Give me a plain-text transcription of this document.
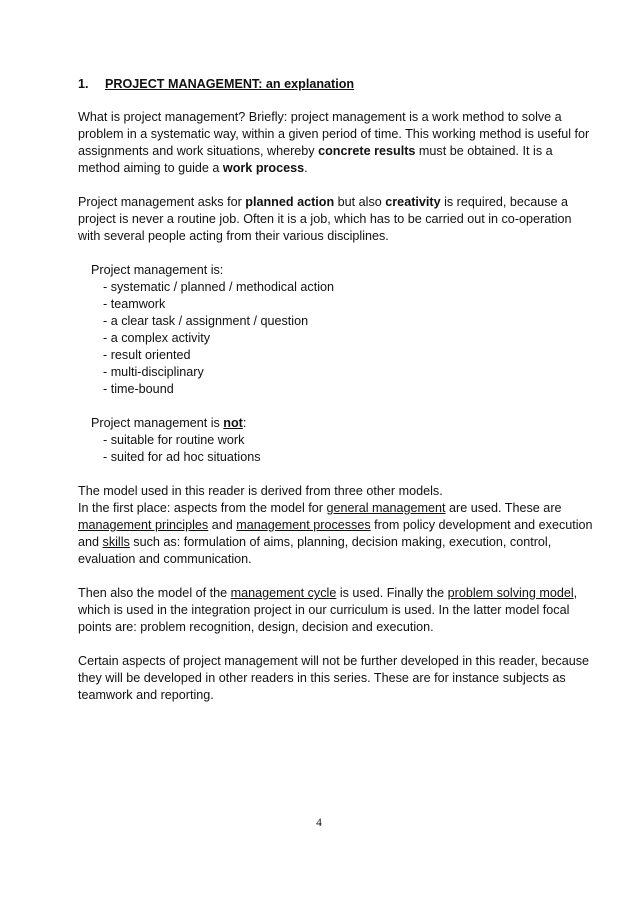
1. PROJECT MANAGEMENT: an explanation
What is project management? Briefly: project management is a work method to solve a
problem in a systematic way, within a given period of time. This working method is useful for
assignments and work situations, whereby concrete results must be obtained. It is a
method aiming to guide a work process.
Project management asks for planned action but also creativity is required, because a
project is never a routine job. Often it is a job, which has to be carried out in co-operation
with several people acting from their various disciplines.
Project management is:
- systematic / planned / methodical action
- teamwork
- a clear task / assignment / question
- a complex activity
- result oriented
- multi-disciplinary
- time-bound
Project management is not:
- suitable for routine work
- suited for ad hoc situations
The model used in this reader is derived from three other models.
In the first place: aspects from the model for general management are used. These are
management principles and management processes from policy development and execution
and skills such as: formulation of aims, planning, decision making, execution, control,
evaluation and communication.
Then also the model of the management cycle is used. Finally the problem solving model,
which is used in the integration project in our curriculum is used. In the latter model focal
points are: problem recognition, design, decision and execution.
Certain aspects of project management will not be further developed in this reader, because
they will be developed in other readers in this series. These are for instance subjects as
teamwork and reporting.
4
